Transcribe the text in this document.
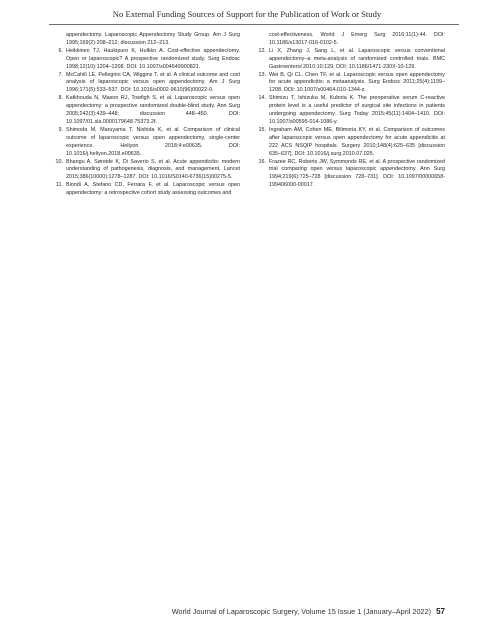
No External Funding Sources of Support for the Publication of Work or Study
appendectomy. Laparoscopic Appendectomy Study Group. Am J Surg 1995;169(2):208–212; discussion 212–213.
6. Heikkinen TJ, Haukipuro K, Hulkko A. Cost-effective appendectomy. Open or laparoscopic? A prospective randomized study. Surg Endosc 1998;12(10):1204–1208. DOI: 10.1007/s004649900821.
7. McCahill LE, Pellegrini CA, Wiggins T, et al. A clinical outcome and cost analysis of laparoscopic versus open appendectomy. Am J Surg 1996;171(5):533–537. DOI: 10.1016/s0002-9610(96)00022-0.
8. Katkhouda N, Mason RJ, Towfigh S, et al. Laparoscopic versus open appendectomy: a prospective randomized double-blind study. Ann Surg 2005;242(3):439–448; discussion 448–450. DOI: 10.1097/01.sla.0000179648.75373.2f.
9. Shimoda M, Maruyama T, Nishida K, et al. Comparison of clinical outcome of laparoscopic versus open appendectomy, single-center experience. Heliyon 2018;4:e00635. DOI: 10.1016/j.heliyon.2018.e00635.
10. Bhangu A, Søreide K, Di Saverio S, et al. Acute appendicitis: modern understanding of pathogenesis, diagnosis, and management. Lancet 2015;386(10000):1278–1287. DOI: 10.1016/S0140-6736(15)00275-5.
11. Biondi A, Stefano CD, Ferrara F, et al. Laparoscopic versus open appendectomy: a retrospective cohort study assessing outcomes and
cost-effectiveness. World J Emerg Surg 2016;11(1):44. DOI: 10.1186/s13017-016-0102-5.
12. Li X, Zhang J, Sang L, et al. Laparoscopic versus conventional appendectomy–a meta-analysis of randomized controlled trials. BMC Gastroenterol 2010;10:129. DOI: 10.1186/1471-230X-10-129.
13. Wei B, Qi CL, Chen TF, et al. Laparoscopic versus open appendectomy for acute appendicitis: a metaanalysis. Surg Endosc 2011;25(4):1199–1208. DOI: 10.1007/s00464-010-1344-z.
14. Shimizu T, Ishizuka M, Kubota K. The preoperative serum C-reactive protein level is a useful predictor of surgical site infections in patients undergoing appendectomy. Surg Today 2015;45(11):1404–1410. DOI: 10.1007/s00595-014-1086-y.
15. Ingraham AM, Cohen ME, Bilimoria KY, et al. Comparison of outcomes after laparoscopic versus open appendectomy for acute appendicitis at 222 ACS NSQIP hospitals. Surgery 2010;148(4):625–635 [discussion 635–637]. DOI: 10.1016/j.surg.2010.07.025.
16. Frazee RC, Roberts JW, Symmonds RE, et al. A prospective randomized trial comparing open versus laparoscopic appendectomy. Ann Surg 1994;219(6):725–728 [discussion 728–731]. DOI: 10.1097/00000658-199406000-00017.
World Journal of Laparoscopic Surgery, Volume 15 Issue 1 (January–April 2022) 57
